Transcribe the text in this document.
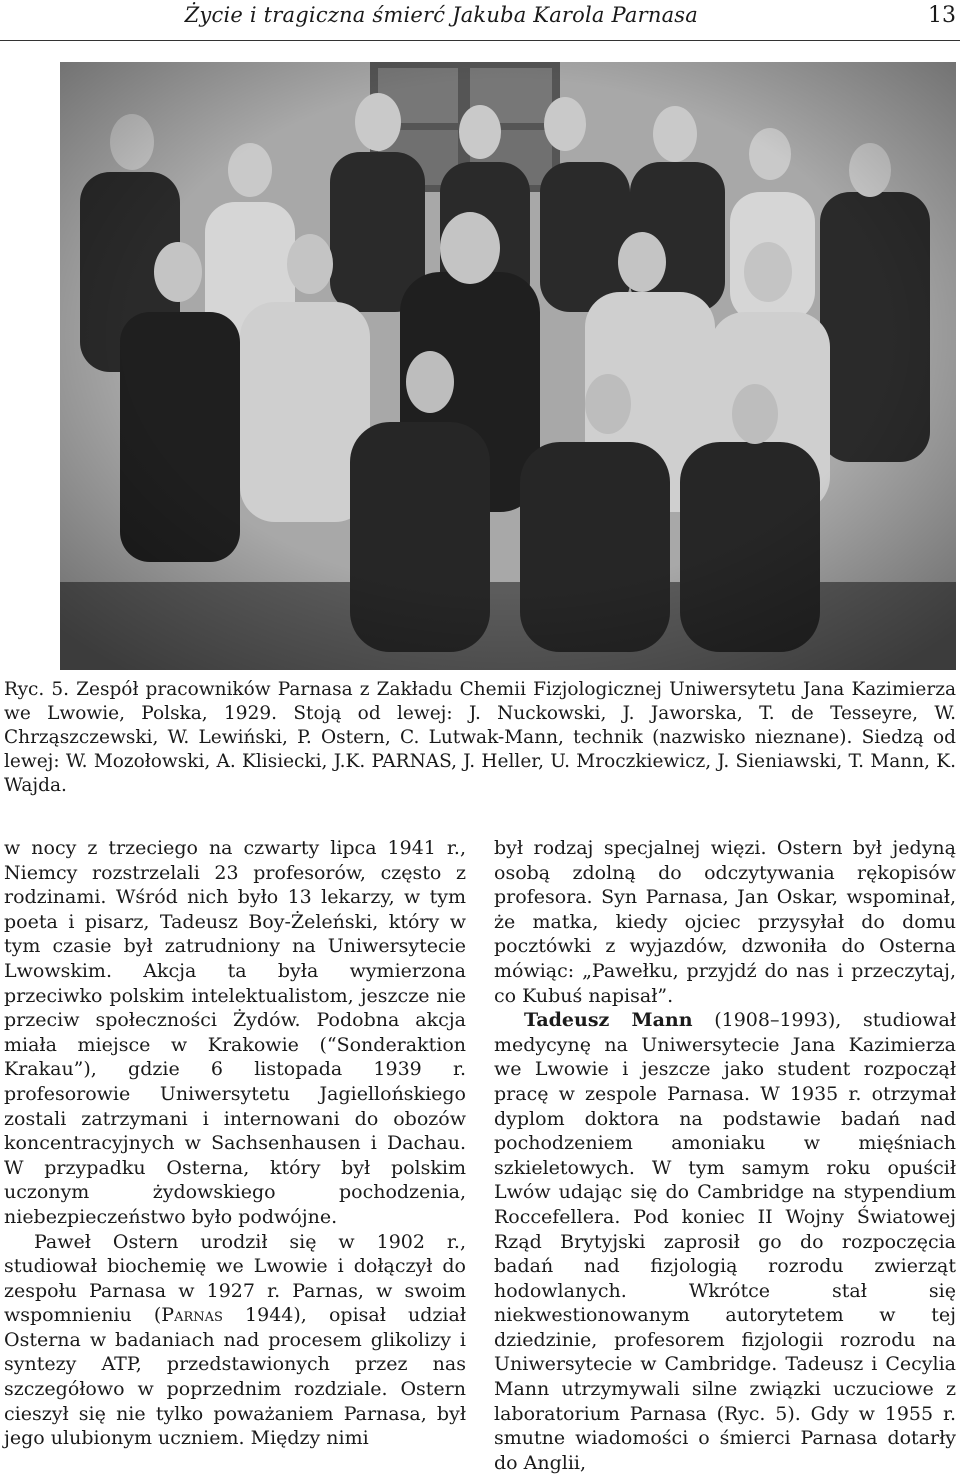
Życie i tragiczna śmierć Jakuba Karola Parnasa	13
Ryc. 5. Zespół pracowników Parnasa z Zakładu Chemii Fizjologicznej Uniwersytetu Jana Kazimierza we Lwowie, Polska, 1929. Stoją od lewej: J. Nuckowski, J. Jaworska, T. de Tesseyre, W. Chrząszczewski, W. Lewiński, P. Ostern, C. Lutwak-Mann, technik (nazwisko nieznane). Siedzą od lewej: W. Mozołowski, A. Klisiecki, J.K. PARNAS, J. Heller, U. Mroczkiewicz, J. Sieniawski, T. Mann, K. Wajda.

w nocy z trzeciego na czwarty lipca 1941 r., Niemcy rozstrzelali 23 profesorów, często z rodzinami. Wśród nich było 13 lekarzy, w tym poeta i pisarz, Tadeusz Boy-Żeleński, który w tym czasie był zatrudniony na Uniwersytecie Lwowskim. Akcja ta była wymierzona przeciwko polskim intelektualistom, jeszcze nie przeciw społeczności Żydów. Podobna akcja miała miejsce w Krakowie (“Sonderaktion Krakau”), gdzie 6 listopada 1939 r. profesorowie Uniwersytetu Jagiellońskiego zostali zatrzymani i internowani do obozów koncentracyjnych w Sachsenhausen i Dachau. W przypadku Osterna, który był polskim uczonym żydowskiego pochodzenia, niebezpieczeństwo było podwójne.

Paweł Ostern urodził się w 1902 r., studiował biochemię we Lwowie i dołączył do zespołu Parnasa w 1927 r. Parnas, w swoim wspomnieniu (Parnas 1944), opisał udział Osterna w badaniach nad procesem glikolizy i syntezy ATP, przedstawionych przez nas szczegółowo w poprzednim rozdziale. Ostern cieszył się nie tylko poważaniem Parnasa, był jego ulubionym uczniem. Między nimi

był rodzaj specjalnej więzi. Ostern był jedyną osobą zdolną do odczytywania rękopisów profesora. Syn Parnasa, Jan Oskar, wspominał, że matka, kiedy ojciec przysyłał do domu pocztówki z wyjazdów, dzwoniła do Osterna mówiąc: „Pawełku, przyjdź do nas i przeczytaj, co Kubuś napisał”.

Tadeusz Mann (1908–1993), studiował medycynę na Uniwersytecie Jana Kazimierza we Lwowie i jeszcze jako student rozpoczął pracę w zespole Parnasa. W 1935 r. otrzymał dyplom doktora na podstawie badań nad pochodzeniem amoniaku w mięśniach szkieletowych. W tym samym roku opuścił Lwów udając się do Cambridge na stypendium Roccefellera. Pod koniec II Wojny Światowej Rząd Brytyjski zaprosił go do rozpoczęcia badań nad fizjologią rozrodu zwierząt hodowlanych. Wkrótce stał się niekwestionowanym autorytetem w tej dziedzinie, profesorem fizjologii rozrodu na Uniwersytecie w Cambridge. Tadeusz i Cecylia Mann utrzymywali silne związki uczuciowe z laboratorium Parnasa (Ryc. 5). Gdy w 1955 r. smutne wiadomości o śmierci Parnasa dotarły do Anglii,
